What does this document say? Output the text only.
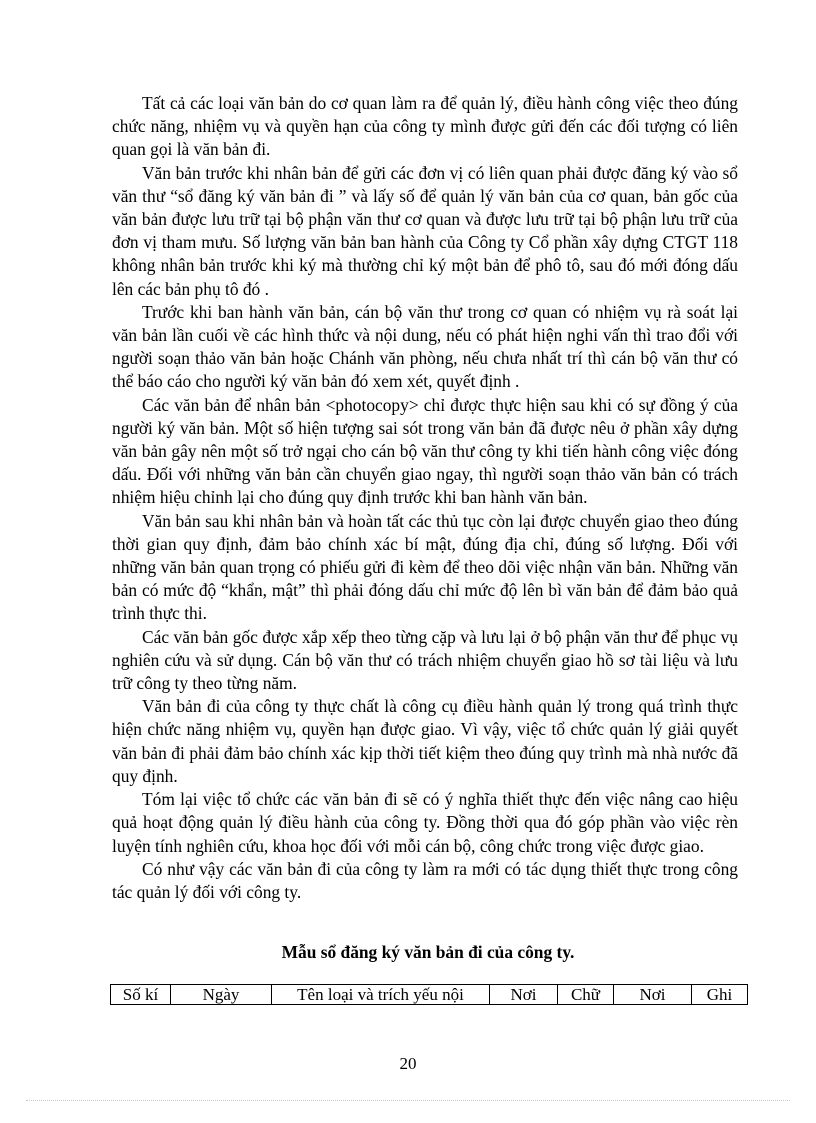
Tất cả các loại văn bản do cơ quan làm ra để quản lý, điều hành công việc theo đúng chức năng, nhiệm vụ và quyền hạn của công ty mình được gửi đến các đối tượng có liên quan gọi là văn bản đi.

Văn bản trước khi nhân bản để gửi các đơn vị có liên quan phải được đăng ký vào sổ văn thư “sổ đăng ký văn bản đi ” và lấy số để quản lý văn bản của cơ quan, bản gốc của văn bản được lưu trữ tại bộ phận văn thư cơ quan và được lưu trữ tại bộ phận lưu trữ của đơn vị tham mưu. Số lượng văn bản ban hành của Công ty Cổ phần xây dựng CTGT 118 không nhân bản trước khi ký mà thường chỉ ký một bản để phô tô, sau đó mới đóng dấu lên các bản phụ tô đó .

Trước khi ban hành văn bản, cán bộ văn thư trong cơ quan có nhiệm vụ rà soát lại văn bản lần cuối về các hình thức và nội dung, nếu có phát hiện nghi vấn thì trao đổi với người soạn thảo văn bản hoặc Chánh văn phòng, nếu chưa nhất trí thì cán bộ văn thư có thể báo cáo cho người ký văn bản đó xem xét, quyết định .

Các văn bản để nhân bản <photocopy> chỉ được thực hiện sau khi có sự đồng ý của người ký văn bản. Một số hiện tượng sai sót trong văn bản đã được nêu ở phần xây dựng văn bản gây nên một số trở ngại cho cán bộ văn thư công ty khi tiến hành công việc đóng dấu. Đối với những văn bản cần chuyển giao ngay, thì người soạn thảo văn bản có trách nhiệm hiệu chỉnh lại cho đúng quy định trước khi ban hành văn bản.

Văn bản sau khi nhân bản và hoàn tất các thủ tục còn lại được chuyển giao theo đúng thời gian quy định, đảm bảo chính xác bí mật, đúng địa chỉ, đúng số lượng. Đối với những văn bản quan trọng có phiếu gửi đi kèm để theo dõi việc nhận văn bản. Những văn bản có mức độ “khẩn, mật” thì phải đóng dấu chỉ mức độ lên bì văn bản để đảm bảo quả trình thực thi.

Các văn bản gốc được xắp xếp theo từng cặp và lưu lại ở bộ phận văn thư để phục vụ nghiên cứu và sử dụng. Cán bộ văn thư có trách nhiệm chuyển giao hồ sơ tài liệu và lưu trữ công ty theo từng năm.

Văn bản đi của công ty thực chất là công cụ điều hành quản lý trong quá trình thực hiện chức năng nhiệm vụ, quyền hạn được giao. Vì vậy, việc tổ chức quản lý giải quyết văn bản đi phải đảm bảo chính xác kịp thời tiết kiệm theo đúng quy trình mà nhà nước đã quy định.

Tóm lại việc tổ chức các văn bản đi sẽ có ý nghĩa thiết thực đến việc nâng cao hiệu quả hoạt động quản lý điều hành của công ty. Đồng thời qua đó góp phần vào việc rèn luyện tính nghiên cứu, khoa học đối với mỗi cán bộ, công chức trong việc được giao.

Có như vậy các văn bản đi của công ty làm ra mới có tác dụng thiết thực trong công tác quản lý đối với công ty.

Mẫu sổ đăng ký văn bản đi của công ty.

Số kí	Ngày	Tên loại và trích yếu nội	Nơi	Chữ	Nơi	Ghi
20
